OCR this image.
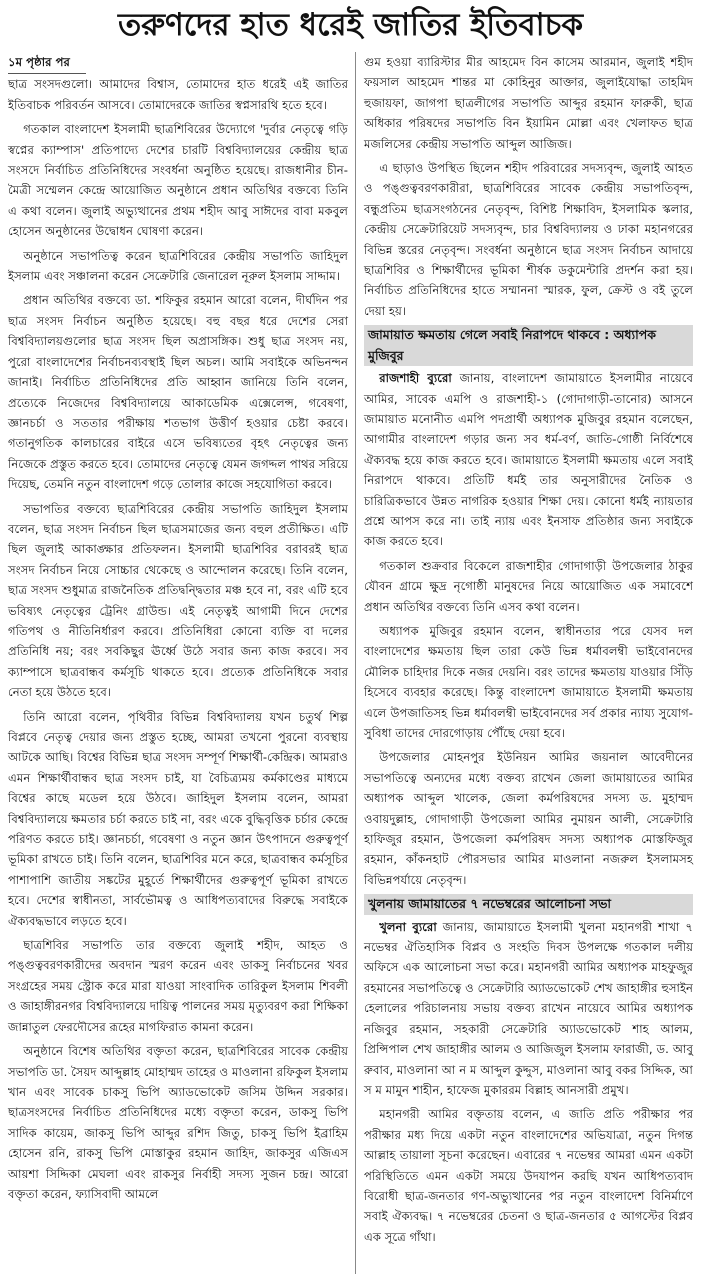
তরুণদের হাত ধরেই জাতির ইতিবাচক
১ম পৃষ্ঠার পর

ছাত্র সংসদগুলো। আমাদের বিশ্বাস, তোমাদের হাত ধরেই এই জাতির ইতিবাচক পরিবর্তন আসবে। তোমাদেরকে জাতির স্বপ্নসারথি হতে হবে।

গতকাল বাংলাদেশ ইসলামী ছাত্রশিবিরের উদ্যোগে 'দুর্বার নেতৃত্বে গড়ি স্বপ্নের ক্যাম্পাস' প্রতিপাদ্যে দেশের চারটি বিশ্ববিদ্যালয়ের কেন্দ্রীয় ছাত্র সংসদে নির্বাচিত প্রতিনিধিদের সংবর্ধনা অনুষ্ঠিত হয়েছে। রাজধানীর চীন-মৈত্রী সম্মেলন কেন্দ্রে আয়োজিত অনুষ্ঠানে প্রধান অতিথির বক্তব্যে তিনি এ কথা বলেন। জুলাই অভ্যুত্থানের প্রথম শহীদ আবু সাঈদের বাবা মকবুল হোসেন অনুষ্ঠানের উদ্বোধন ঘোষণা করেন।

অনুষ্ঠানে সভাপতিত্ব করেন ছাত্রশিবিরের কেন্দ্রীয় সভাপতি জাহিদুল ইসলাম এবং সঞ্চালনা করেন সেক্রেটারি জেনারেল নূরুল ইসলাম সাদ্দাম।

প্রধান অতিথির বক্তব্যে ডা. শফিকুর রহমান আরো বলেন, দীর্ঘদিন পর ছাত্র সংসদ নির্বাচন অনুষ্ঠিত হয়েছে। বহু বছর ধরে দেশের সেরা বিশ্ববিদ্যালয়গুলোর ছাত্র সংসদ ছিল অপ্রাসঙ্গিক। শুধু ছাত্র সংসদ নয়, পুরো বাংলাদেশের নির্বাচনব্যবস্থাই ছিল অচল। আমি সবাইকে অভিনন্দন জানাই। নির্বাচিত প্রতিনিধিদের প্রতি আহ্বান জানিয়ে তিনি বলেন, প্রত্যেকে নিজেদের বিশ্ববিদ্যালয়ে আকাডেমিক এক্সেলেন্স, গবেষণা, জ্ঞানচর্চা ও সততার পরীক্ষায় শতভাগ উত্তীর্ণ হওয়ার চেষ্টা করবে। গতানুগতিক কালচারের বাইরে এসে ভবিষ্যতের বৃহৎ নেতৃত্বের জন্য নিজেকে প্রস্তুত করতে হবে। তোমাদের নেতৃত্বে যেমন জগদ্দল পাথর সরিয়ে দিয়েছ, তেমনি নতুন বাংলাদেশ গড়ে তোলার কাজে সহযোগিতা করবে।

সভাপতির বক্তব্যে ছাত্রশিবিরের কেন্দ্রীয় সভাপতি জাহিদুল ইসলাম বলেন, ছাত্র সংসদ নির্বাচন ছিল ছাত্রসমাজের জন্য বহুল প্রতীক্ষিত। এটি ছিল জুলাই আকাঙ্ক্ষার প্রতিফলন। ইসলামী ছাত্রশিবির বরাবরই ছাত্র সংসদ নির্বাচন নিয়ে সোচ্চার থেকেছে ও আন্দোলন করেছে। তিনি বলেন, ছাত্র সংসদ শুধুমাত্র রাজনৈতিক প্রতিদ্বন্দ্বিতার মঞ্চ হবে না, বরং এটি হবে ভবিষ্যৎ নেতৃত্বের ট্রেনিং গ্রাউন্ড। এই নেতৃত্বই আগামী দিনে দেশের গতিপথ ও নীতিনির্ধারণ করবে। প্রতিনিধিরা কোনো ব্যক্তি বা দলের প্রতিনিধি নয়; বরং সবকিছুর ঊর্ধ্বে উঠে সবার জন্য কাজ করবে। সব ক্যাম্পাসে ছাত্রবান্ধব কর্মসূচি থাকতে হবে। প্রত্যেক প্রতিনিধিকে সবার নেতা হয়ে উঠতে হবে।

তিনি আরো বলেন, পৃথিবীর বিভিন্ন বিশ্ববিদ্যালয় যখন চতুর্থ শিল্প বিপ্লবে নেতৃত্ব দেয়ার জন্য প্রস্তুত হচ্ছে, আমরা তখনো পুরনো ব্যবস্থায় আটকে আছি। বিশ্বের বিভিন্ন ছাত্র সংসদ সম্পূর্ণ শিক্ষার্থী-কেন্দ্রিক। আমরাও এমন শিক্ষার্থীবান্ধব ছাত্র সংসদ চাই, যা বৈচিত্র্যময় কর্মকাণ্ডের মাধ্যমে বিশ্বের কাছে মডেল হয়ে উঠবে। জাহিদুল ইসলাম বলেন, আমরা বিশ্ববিদ্যালয়ে ক্ষমতার চর্চা করতে চাই না, বরং একে বুদ্ধিবৃত্তিক চর্চার কেন্দ্রে পরিণত করতে চাই। জ্ঞানচর্চা, গবেষণা ও নতুন জ্ঞান উৎপাদনে গুরুত্বপূর্ণ ভূমিকা রাখতে চাই। তিনি বলেন, ছাত্রশিবির মনে করে, ছাত্রবান্ধব কর্মসূচির পাশাপাশি জাতীয় সঙ্কটের মুহূর্তে শিক্ষার্থীদের গুরুত্বপূর্ণ ভূমিকা রাখতে হবে। দেশের স্বাধীনতা, সার্বভৌমত্ব ও আধিপত্যবাদের বিরুদ্ধে সবাইকে ঐক্যবদ্ধভাবে লড়তে হবে।

ছাত্রশিবির সভাপতি তার বক্তব্যে জুলাই শহীদ, আহত ও পঙ্গুত্ববরণকারীদের অবদান স্মরণ করেন এবং ডাকসু নির্বাচনের খবর সংগ্রহের সময় স্ট্রোক করে মারা যাওয়া সাংবাদিক তারিকুল ইসলাম শিবলী ও জাহাঙ্গীরনগর বিশ্ববিদ্যালয়ে দায়িত্ব পালনের সময় মৃত্যুবরণ করা শিক্ষিকা জান্নাতুল ফেরদৌসের রূহের মাগফিরাত কামনা করেন।

অনুষ্ঠানে বিশেষ অতিথির বক্তৃতা করেন, ছাত্রশিবিরের সাবেক কেন্দ্রীয় সভাপতি ডা. সৈয়দ আব্দুল্লাহ মোহাম্মদ তাহের ও মাওলানা রফিকুল ইসলাম খান এবং সাবেক চাকসু ভিপি অ্যাডভোকেট জসিম উদ্দিন সরকার। ছাত্রসংসদের নির্বাচিত প্রতিনিধিদের মধ্যে বক্তৃতা করেন, ডাকসু ভিপি সাদিক কায়েম, জাকসু ভিপি আব্দুর রশিদ জিতু, চাকসু ভিপি ইব্রাহিম হোসেন রনি, রাকসু ভিপি মোস্তাকুর রহমান জাহিদ, জাকসুর এজিএস আয়শা সিদ্দিকা মেঘলা এবং রাকসুর নির্বাহী সদস্য সুজন চন্দ্র। আরো বক্তৃতা করেন, ফ্যাসিবাদী আমলে

গুম হওয়া ব্যারিস্টার মীর আহমেদ বিন কাসেম আরমান, জুলাই শহীদ ফয়সাল আহমেদ শান্তর মা কোহিনুর আক্তার, জুলাইযোদ্ধা তাহমিদ হুজায়ফা, জাগপা ছাত্রলীগের সভাপতি আব্দুর রহমান ফারুকী, ছাত্র অধিকার পরিষদের সভাপতি বিন ইয়ামিন মোল্লা এবং খেলাফত ছাত্র মজলিসের কেন্দ্রীয় সভাপতি আব্দুল আজিজ।

এ ছাড়াও উপস্থিত ছিলেন শহীদ পরিবারের সদস্যবৃন্দ, জুলাই আহত ও পঙ্গুত্ববরণকারীরা, ছাত্রশিবিরের সাবেক কেন্দ্রীয় সভাপতিবৃন্দ, বন্ধুপ্রতিম ছাত্রসংগঠনের নেতৃবৃন্দ, বিশিষ্ট শিক্ষাবিদ, ইসলামিক স্কলার, কেন্দ্রীয় সেক্রেটারিয়েট সদস্যবৃন্দ, চার বিশ্ববিদ্যালয় ও ঢাকা মহানগরের বিভিন্ন স্তরের নেতৃবৃন্দ। সংবর্ধনা অনুষ্ঠানে ছাত্র সংসদ নির্বাচন আদায়ে ছাত্রশিবির ও শিক্ষার্থীদের ভূমিকা শীর্ষক ডকুমেন্টারি প্রদর্শন করা হয়। নির্বাচিত প্রতিনিধিদের হাতে সম্মাননা স্মারক, ফুল, ক্রেস্ট ও বই তুলে দেয়া হয়।

জামায়াত ক্ষমতায় গেলে সবাই নিরাপদে থাকবে : অধ্যাপক মুজিবুর

রাজশাহী ব্যুরো জানায়, বাংলাদেশ জামায়াতে ইসলামীর নায়েবে আমির, সাবেক এমপি ও রাজশাহী-১ (গোদাগাড়ী-তানোর) আসনে জামায়াত মনোনীত এমপি পদপ্রার্থী অধ্যাপক মুজিবুর রহমান বলেছেন, আগামীর বাংলাদেশ গড়ার জন্য সব ধর্ম-বর্ণ, জাতি-গোষ্ঠী নির্বিশেষে ঐক্যবদ্ধ হয়ে কাজ করতে হবে। জামায়াতে ইসলামী ক্ষমতায় এলে সবাই নিরাপদে থাকবে। প্রতিটি ধর্মই তার অনুসারীদের নৈতিক ও চারিত্রিকভাবে উন্নত নাগরিক হওয়ার শিক্ষা দেয়। কোনো ধর্মই ন্যায়তার প্রশ্নে আপস করে না। তাই ন্যায় এবং ইনসাফ প্রতিষ্ঠার জন্য সবাইকে কাজ করতে হবে।

গতকাল শুক্রবার বিকেলে রাজশাহীর গোদাগাড়ী উপজেলার ঠাকুর যৌবন গ্রামে ক্ষুদ্র নৃগোষ্ঠী মানুষদের নিয়ে আয়োজিত এক সমাবেশে প্রধান অতিথির বক্তব্যে তিনি এসব কথা বলেন।

অধ্যাপক মুজিবুর রহমান বলেন, স্বাধীনতার পরে যেসব দল বাংলাদেশের ক্ষমতায় ছিল তারা কেউ ভিন্ন ধর্মাবলম্বী ভাইবোনদের মৌলিক চাহিদার দিকে নজর দেয়নি। বরং তাদের ক্ষমতায় যাওয়ার সিঁড়ি হিসেবে ব্যবহার করেছে। কিন্তু বাংলাদেশ জামায়াতে ইসলামী ক্ষমতায় এলে উপজাতিসহ ভিন্ন ধর্মাবলম্বী ভাইবোনদের সর্ব প্রকার ন্যায্য সুযোগ-সুবিধা তাদের দোরগোড়ায় পৌঁছে দেয়া হবে।

উপজেলার মোহনপুর ইউনিয়ন আমির জয়নাল আবেদীনের সভাপতিত্বে অন্যদের মধ্যে বক্তব্য রাখেন জেলা জামায়াতের আমির অধ্যাপক আব্দুল খালেক, জেলা কর্মপরিষদের সদস্য ড. মুহাম্মদ ওবায়দুল্লাহ, গোদাগাড়ী উপজেলা আমির নুমায়ন আলী, সেক্রেটারি হাফিজুর রহমান, উপজেলা কর্মপরিষদ সদস্য অধ্যাপক মোস্তফিজুর রহমান, কাঁকনহাট পৌরসভার আমির মাওলানা নজরুল ইসলামসহ বিভিন্নপর্যায়ে নেতৃবৃন্দ।

খুলনায় জামায়াতের ৭ নভেম্বরের আলোচনা সভা

খুলনা ব্যুরো জানায়, জামায়াতে ইসলামী খুলনা মহানগরী শাখা ৭ নভেম্বর ঐতিহাসিক বিপ্লব ও সংহতি দিবস উপলক্ষে গতকাল দলীয় অফিসে এক আলোচনা সভা করে। মহানগরী আমির অধ্যাপক মাহফুজুর রহমানের সভাপতিত্বে ও সেক্রেটারি অ্যাডভোকেট শেখ জাহাঙ্গীর হুসাইন হেলালের পরিচালনায় সভায় বক্তব্য রাখেন নায়েবে আমির অধ্যাপক নজিবুর রহমান, সহকারী সেক্রেটারি অ্যাডভোকেট শাহ আলম, প্রিন্সিপাল শেখ জাহাঙ্গীর আলম ও আজিজুল ইসলাম ফারাজী, ড. আবু রুবাব, মাওলানা আ ন ম আব্দুল কুদ্দুস, মাওলানা আবু বকর সিদ্দিক, আ স ম মামুন শাহীন, হাফেজ মুকাররম বিল্লাহ আনসারী প্রমুখ।

মহানগরী আমির বক্তৃতায় বলেন, এ জাতি প্রতি পরীক্ষার পর পরীক্ষার মধ্য দিয়ে একটা নতুন বাংলাদেশের অভিযাত্রা, নতুন দিগন্ত আল্লাহ তায়ালা সূচনা করেছেন। এবারের ৭ নভেম্বর আমরা এমন একটা পরিস্থিতিতে এমন একটা সময়ে উদযাপন করছি যখন আধিপত্যবাদ বিরোধী ছাত্র-জনতার গণ-অভ্যুত্থানের পর নতুন বাংলাদেশ বিনির্মাণে সবাই ঐক্যবদ্ধ। ৭ নভেম্বরের চেতনা ও ছাত্র-জনতার ৫ আগস্টের বিপ্লব এক সূত্রে গাঁথা।
